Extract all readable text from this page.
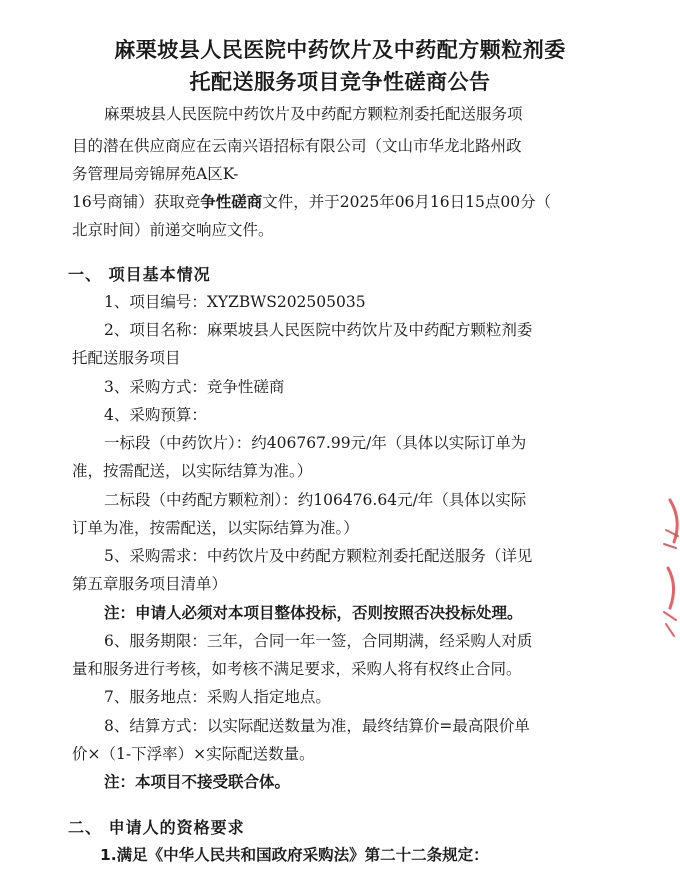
麻栗坡县人民医院中药饮片及中药配方颗粒剂委
托配送服务项目竞争性磋商公告
麻栗坡县人民医院中药饮片及中药配方颗粒剂委托配送服务项
目的潜在供应商应在云南兴语招标有限公司（文山市华龙北路州政
务管理局旁锦屏苑A区K-
16号商铺）获取竞争性磋商文件，并于2025年06月16日15点00分（
北京时间）前递交响应文件。
一、 项目基本情况
1、项目编号：XYZBWS202505035
2、项目名称：麻栗坡县人民医院中药饮片及中药配方颗粒剂委
托配送服务项目
3、采购方式：竞争性磋商
4、采购预算：
一标段（中药饮片）：约406767.99元/年（具体以实际订单为
准，按需配送，以实际结算为准。）
二标段（中药配方颗粒剂）：约106476.64元/年（具体以实际
订单为准，按需配送，以实际结算为准。）
5、采购需求：中药饮片及中药配方颗粒剂委托配送服务（详见
第五章服务项目清单）
注：申请人必须对本项目整体投标，否则按照否决投标处理。
6、服务期限：三年，合同一年一签，合同期满，经采购人对质
量和服务进行考核，如考核不满足要求，采购人将有权终止合同。
7、服务地点：采购人指定地点。
8、结算方式：以实际配送数量为准，最终结算价=最高限价单
价×（1-下浮率）×实际配送数量。
注：本项目不接受联合体。
二、 申请人的资格要求
1.满足《中华人民共和国政府采购法》第二十二条规定：
